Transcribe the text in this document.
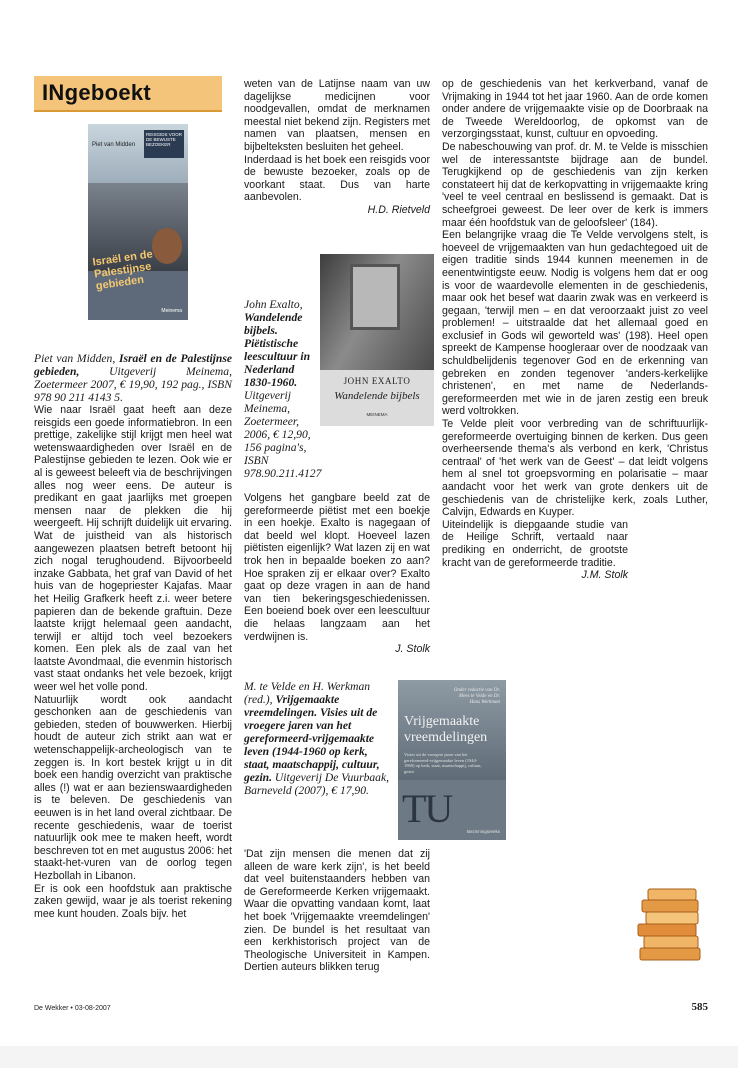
INgeboekt
Piet van Midden
REISGIDS VOOR DE BEWUSTE BEZOEKER
Israël en de Palestijnse gebieden
Meinema

Piet van Midden, Israël en de Palestijnse gebieden, Uitgeverij Meinema, Zoetermeer 2007, € 19,90, 192 pag., ISBN 978 90 211 4143 5.

Wie naar Israël gaat heeft aan deze reisgids een goede informatiebron. In een prettige, zakelijke stijl krijgt men heel wat wetenswaardigheden over Israël en de Palestijnse gebieden te lezen. Ook wie er al is geweest beleeft via de beschrijvingen alles nog weer eens. De auteur is predikant en gaat jaarlijks met groepen mensen naar de plekken die hij weergeeft. Hij schrijft duidelijk uit ervaring. Wat de juistheid van als historisch aangewezen plaatsen betreft betoont hij zich nogal terughoudend. Bijvoorbeeld inzake Gabbata, het graf van David of het huis van de hogepriester Kajafas. Maar het Heilig Grafkerk heeft z.i. weer betere papieren dan de bekende graftuin. Deze laatste krijgt helemaal geen aandacht, terwijl er altijd toch veel bezoekers komen. Een plek als de zaal van het laatste Avondmaal, die evenmin historisch vast staat ondanks het vele bezoek, krijgt weer wel het volle pond.

Natuurlijk wordt ook aandacht geschonken aan de geschiedenis van gebieden, steden of bouwwerken. Hierbij houdt de auteur zich strikt aan wat er wetenschappelijk-archeologisch van te zeggen is. In kort bestek krijgt u in dit boek een handig overzicht van praktische alles (!) wat er aan bezienswaardigheden is te beleven. De geschiedenis van eeuwen is in het land overal zichtbaar. De recente geschiedenis, waar de toerist natuurlijk ook mee te maken heeft, wordt beschreven tot en met augustus 2006: het staakt-het-vuren van de oorlog tegen Hezbollah in Libanon.

Er is ook een hoofdstuk aan praktische zaken gewijd, waar je als toerist rekening mee kunt houden. Zoals bijv. het

weten van de Latijnse naam van uw dagelijkse medicijnen voor noodgevallen, omdat de merknamen meestal niet bekend zijn. Registers met namen van plaatsen, mensen en bijbelteksten besluiten het geheel.

Inderdaad is het boek een reisgids voor de bewuste bezoeker, zoals op de voorkant staat. Dus van harte aanbevolen.

H.D. Rietveld

John Exalto,
Wandelende bijbels. Piëtistische leescultuur in Nederland 1830-1960.
Uitgeverij Meinema, Zoetermeer, 2006, € 12,90, 156 pagina's, ISBN 978.90.211.4127
JOHN EXALTO
Wandelende bijbels
MEINEMA

Volgens het gangbare beeld zat de gereformeerde piëtist met een boekje in een hoekje. Exalto is nagegaan of dat beeld wel klopt. Hoeveel lazen piëtisten eigenlijk? Wat lazen zij en wat trok hen in bepaalde boeken zo aan? Hoe spraken zij er elkaar over? Exalto gaat op deze vragen in aan de hand van tien bekeringsgeschiedenissen. Een boeiend boek over een leescultuur die helaas langzaam aan het verdwijnen is.

J. Stolk

M. te Velde en H. Werkman (red.), Vrijgemaakte vreemdelingen. Visies uit de vroegere jaren van het gereformeerd-vrijgemaakte leven (1944-1960 op kerk, staat, maatschappij, cultuur, gezin. Uitgeverij De Vuurbaak, Barneveld (2007), € 17,90.
Onder redactie van Dr. Mees te Velde en Dr. Hans Werkman
Vrijgemaakte vreemdelingen
Visies uit de vroegere jaren van het gereformeerd-vrijgemaakte leven (1944-1960) op kerk, staat, maatschappij, cultuur, gezin
TU
Bezinningsreeks

'Dat zijn mensen die menen dat zij alleen de ware kerk zijn', is het beeld dat veel buitenstaanders hebben van de Gereformeerde Kerken vrijgemaakt. Waar die opvatting vandaan komt, laat het boek 'Vrijgemaakte vreemdelingen' zien. De bundel is het resultaat van een kerkhistorisch project van de Theologische Universiteit in Kampen. Dertien auteurs blikken terug

op de geschiedenis van het kerkverband, vanaf de Vrijmaking in 1944 tot het jaar 1960. Aan de orde komen onder andere de vrijgemaakte visie op de Doorbraak na de Tweede Wereldoorlog, de opkomst van de verzorgingsstaat, kunst, cultuur en opvoeding.

De nabeschouwing van prof. dr. M. te Velde is misschien wel de interessantste bijdrage aan de bundel. Terugkijkend op de geschiedenis van zijn kerken constateert hij dat de kerkopvatting in vrijgemaakte kring 'veel te veel centraal en beslissend is gemaakt. Dat is scheefgroei geweest. De leer over de kerk is immers maar één hoofdstuk van de geloofsleer' (184).

Een belangrijke vraag die Te Velde vervolgens stelt, is hoeveel de vrijgemaakten van hun gedachtegoed uit de eigen traditie sinds 1944 kunnen meenemen in de eenentwintigste eeuw. Nodig is volgens hem dat er oog is voor de waardevolle elementen in de geschiedenis, maar ook het besef wat daarin zwak was en verkeerd is gegaan, 'terwijl men – en dat veroorzaakt juist zo veel problemen! – uitstraalde dat het allemaal goed en exclusief in Gods wil geworteld was' (198). Heel open spreekt de Kampense hoogleraar over de noodzaak van schuldbelijdenis tegenover God en de erkenning van gebreken en zonden tegenover 'anders-kerkelijke christenen', en met name de Nederlands-gereformeerden met wie in de jaren zestig een breuk werd voltrokken.

Te Velde pleit voor verbreding van de schriftuurlijk-gereformeerde overtuiging binnen de kerken. Dus geen overheersende thema's als verbond en kerk, 'Christus centraal' of 'het werk van de Geest' – dat leidt volgens hem al snel tot groepsvorming en polarisatie – maar aandacht voor het werk van grote denkers uit de geschiedenis van de christelijke kerk, zoals Luther, Calvijn, Edwards en Kuyper.

Uiteindelijk is diepgaande studie van de Heilige Schrift, vertaald naar prediking en onderricht, de grootste kracht van de gereformeerde traditie.

J.M. Stolk

De Wekker • 03-08-2007	585
